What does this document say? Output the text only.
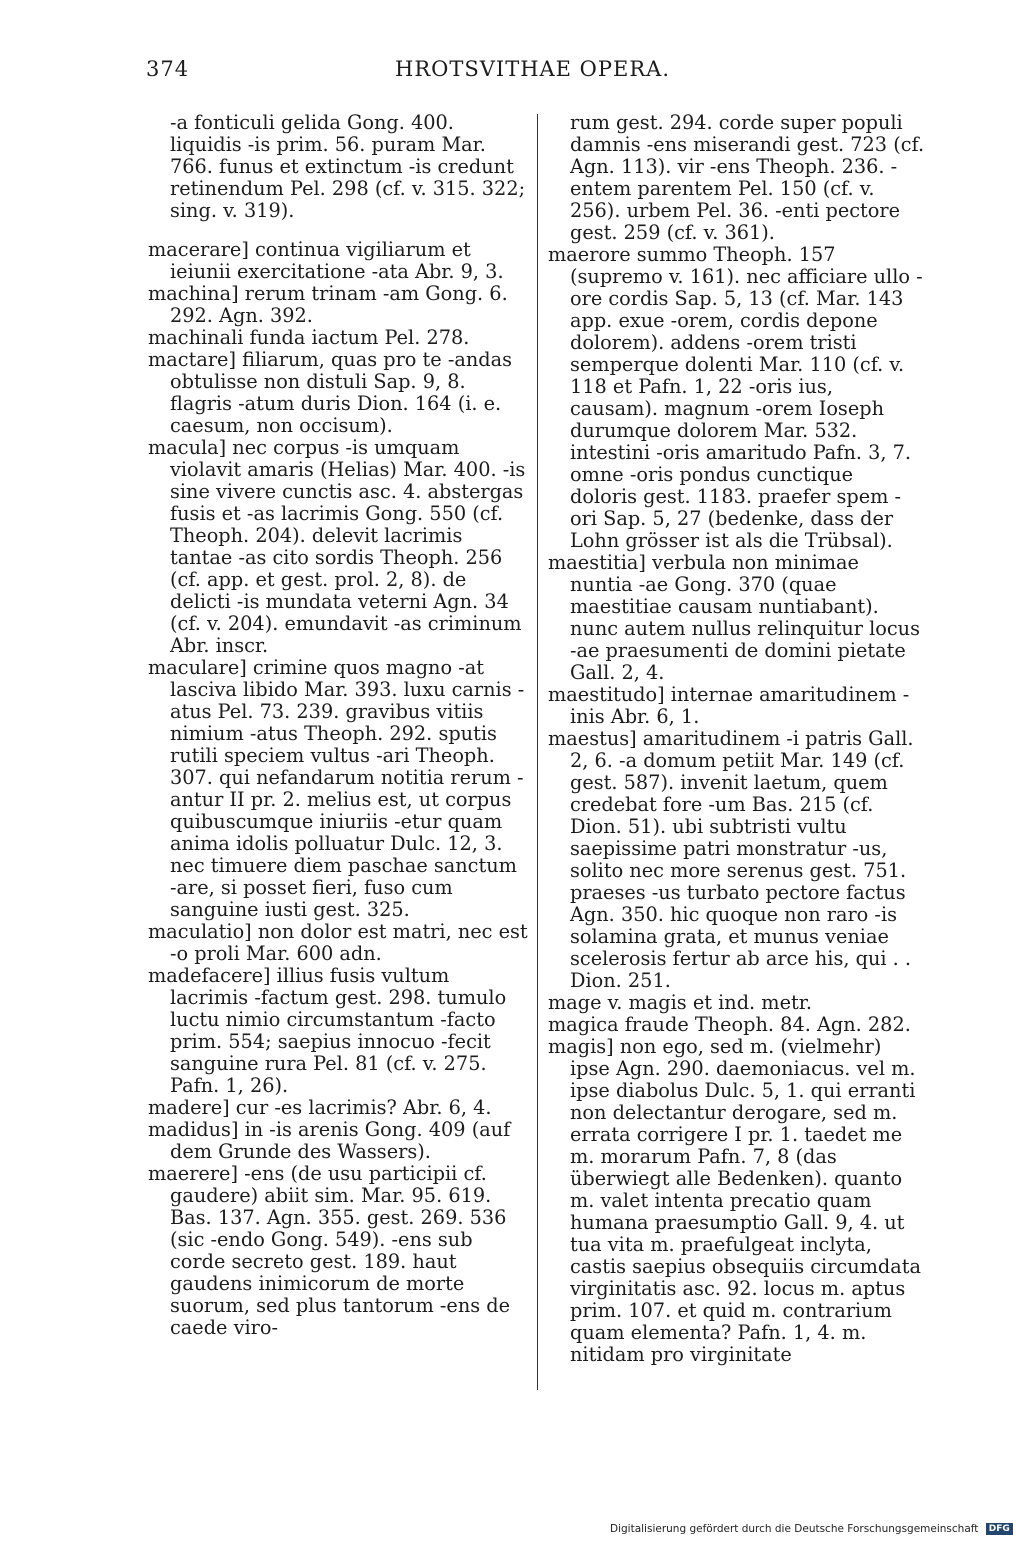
374	HROTSVITHAE OPERA.

-a fonticuli gelida Gong. 400. liquidis -is prim. 56. puram Mar. 766. funus et extinctum -is credunt retinendum Pel. 298 (cf. v. 315. 322; sing. v. 319).

macerare] continua vigiliarum et ieiunii exercitatione -ata Abr. 9, 3.

machina] rerum trinam -am Gong. 6. 292. Agn. 392.

machinali funda iactum Pel. 278.

mactare] filiarum, quas pro te -andas obtulisse non distuli Sap. 9, 8. flagris -atum duris Dion. 164 (i. e. caesum, non occisum).

macula] nec corpus -is umquam violavit amaris (Helias) Mar. 400. -is sine vivere cunctis asc. 4. abstergas fusis et -as lacrimis Gong. 550 (cf. Theoph. 204). delevit lacrimis tantae -as cito sordis Theoph. 256 (cf. app. et gest. prol. 2, 8). de delicti -is mundata veterni Agn. 34 (cf. v. 204). emundavit -as criminum Abr. inscr.

maculare] crimine quos magno -at lasciva libido Mar. 393. luxu carnis -atus Pel. 73. 239. gravibus vitiis nimium -atus Theoph. 292. sputis rutili speciem vultus -ari Theoph. 307. qui nefandarum notitia rerum -antur II pr. 2. melius est, ut corpus quibuscumque iniuriis -etur quam anima idolis polluatur Dulc. 12, 3. nec timuere diem paschae sanctum -are, si posset fieri, fuso cum sanguine iusti gest. 325.

maculatio] non dolor est matri, nec est -o proli Mar. 600 adn.

madefacere] illius fusis vultum lacrimis -factum gest. 298. tumulo luctu nimio circumstantum -facto prim. 554; saepius innocuo -fecit sanguine rura Pel. 81 (cf. v. 275. Pafn. 1, 26).

madere] cur -es lacrimis? Abr. 6, 4.

madidus] in -is arenis Gong. 409 (auf dem Grunde des Wassers).

maerere] -ens (de usu participii cf. gaudere) abiit sim. Mar. 95. 619. Bas. 137. Agn. 355. gest. 269. 536 (sic -endo Gong. 549). -ens sub corde secreto gest. 189. haut gaudens inimicorum de morte suorum, sed plus tantorum -ens de caede viro-

rum gest. 294. corde super populi damnis -ens miserandi gest. 723 (cf. Agn. 113). vir -ens Theoph. 236. -entem parentem Pel. 150 (cf. v. 256). urbem Pel. 36. -enti pectore gest. 259 (cf. v. 361).

maerore summo Theoph. 157 (supremo v. 161). nec afficiare ullo -ore cordis Sap. 5, 13 (cf. Mar. 143 app. exue -orem, cordis depone dolorem). addens -orem tristi semperque dolenti Mar. 110 (cf. v. 118 et Pafn. 1, 22 -oris ius, causam). magnum -orem Ioseph durumque dolorem Mar. 532. intestini -oris amaritudo Pafn. 3, 7. omne -oris pondus cunctique doloris gest. 1183. praefer spem -ori Sap. 5, 27 (bedenke, dass der Lohn grösser ist als die Trübsal).

maestitia] verbula non minimae nuntia -ae Gong. 370 (quae maestitiae causam nuntiabant). nunc autem nullus relinquitur locus -ae praesumenti de domini pietate Gall. 2, 4.

maestitudo] internae amaritudinem -inis Abr. 6, 1.

maestus] amaritudinem -i patris Gall. 2, 6. -a domum petiit Mar. 149 (cf. gest. 587). invenit laetum, quem credebat fore -um Bas. 215 (cf. Dion. 51). ubi subtristi vultu saepissime patri monstratur -us, solito nec more serenus gest. 751. praeses -us turbato pectore factus Agn. 350. hic quoque non raro -is solamina grata, et munus veniae scelerosis fertur ab arce his, qui . . Dion. 251.

mage v. magis et ind. metr.

magica fraude Theoph. 84. Agn. 282.

magis] non ego, sed m. (vielmehr) ipse Agn. 290. daemoniacus. vel m. ipse diabolus Dulc. 5, 1. qui erranti non delectantur derogare, sed m. errata corrigere I pr. 1. taedet me m. morarum Pafn. 7, 8 (das überwiegt alle Bedenken). quanto m. valet intenta precatio quam humana praesumptio Gall. 9, 4. ut tua vita m. praefulgeat inclyta, castis saepius obsequiis circumdata virginitatis asc. 92. locus m. aptus prim. 107. et quid m. contrarium quam elementa? Pafn. 1, 4. m. nitidam pro virginitate

Digitalisierung gefördert durch die Deutsche Forschungsgemeinschaft DFG
